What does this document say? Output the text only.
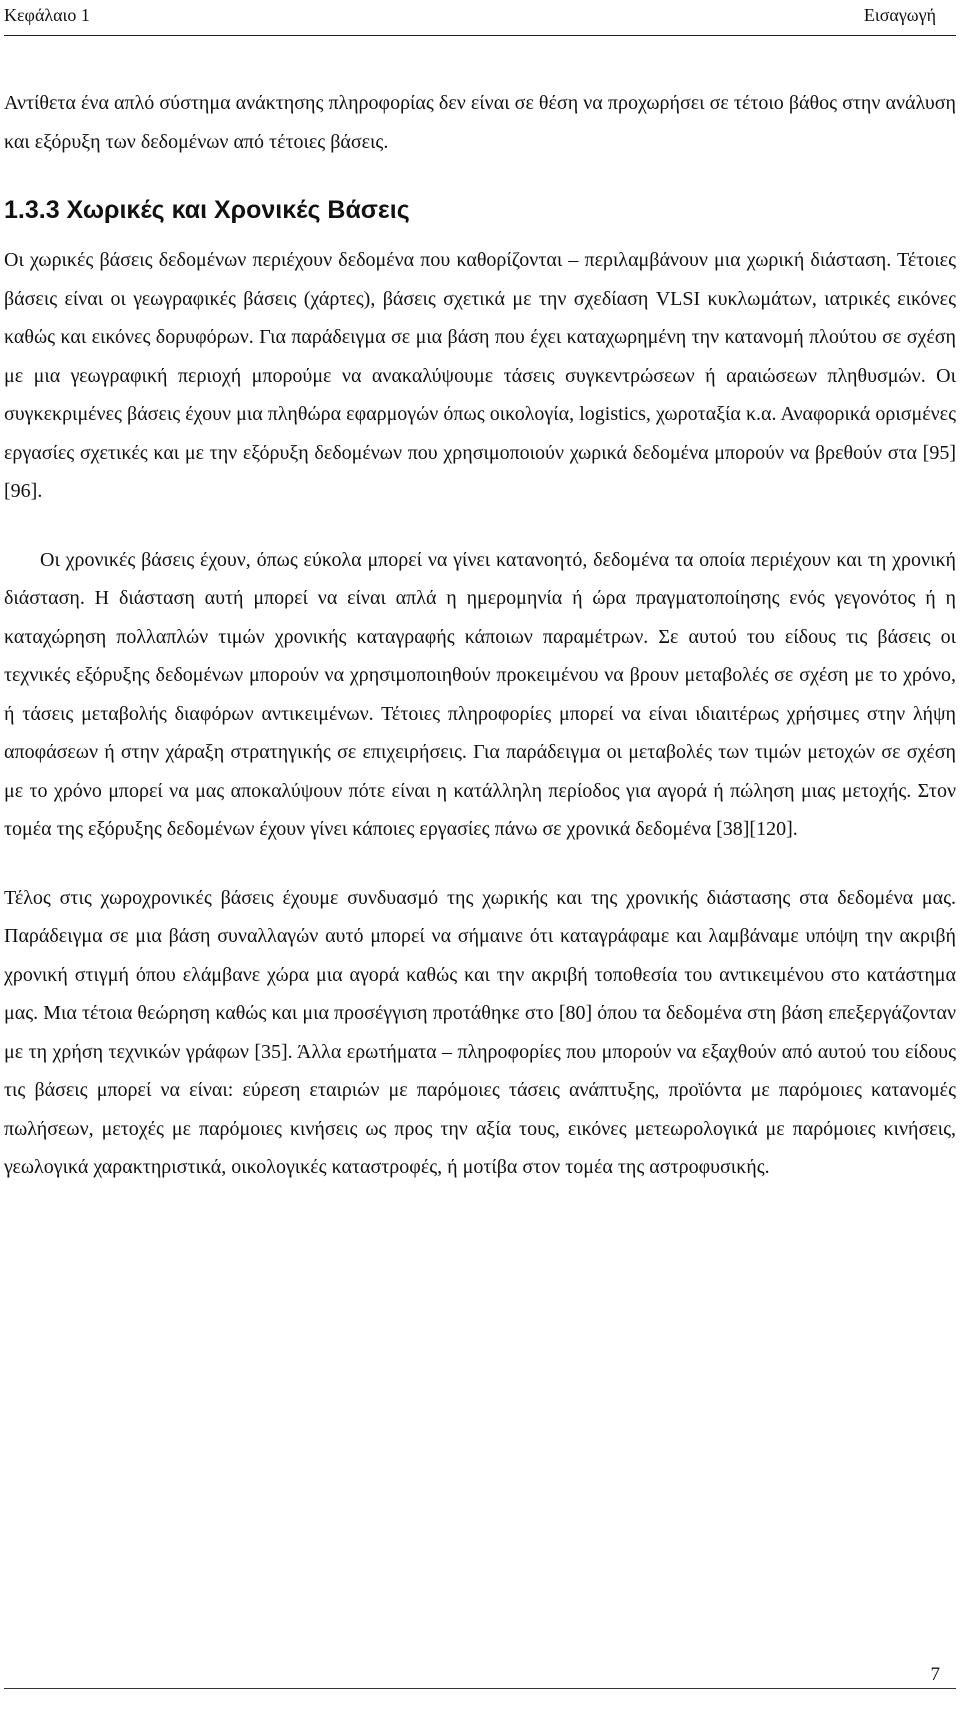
Κεφάλαιο 1	Εισαγωγή

Αντίθετα ένα απλό σύστημα ανάκτησης πληροφορίας δεν είναι σε θέση να προχωρήσει σε τέτοιο βάθος στην ανάλυση και εξόρυξη των δεδομένων από τέτοιες βάσεις.

1.3.3 Χωρικές και Χρονικές Βάσεις

Οι χωρικές βάσεις δεδομένων περιέχουν δεδομένα που καθορίζονται – περιλαμβάνουν μια χωρική διάσταση. Τέτοιες βάσεις είναι οι γεωγραφικές βάσεις (χάρτες), βάσεις σχετικά με την σχεδίαση VLSI κυκλωμάτων, ιατρικές εικόνες καθώς και εικόνες δορυφόρων. Για παράδειγμα σε μια βάση που έχει καταχωρημένη την κατανομή πλούτου σε σχέση με μια γεωγραφική περιοχή μπορούμε να ανακαλύψουμε τάσεις συγκεντρώσεων ή αραιώσεων πληθυσμών. Οι συγκεκριμένες βάσεις έχουν μια πληθώρα εφαρμογών όπως οικολογία, logistics, χωροταξία κ.α. Αναφορικά ορισμένες εργασίες σχετικές και με την εξόρυξη δεδομένων που χρησιμοποιούν χωρικά δεδομένα μπορούν να βρεθούν στα [95] [96].

Οι χρονικές βάσεις έχουν, όπως εύκολα μπορεί να γίνει κατανοητό, δεδομένα τα οποία περιέχουν και τη χρονική διάσταση. Η διάσταση αυτή μπορεί να είναι απλά η ημερομηνία ή ώρα πραγματοποίησης ενός γεγονότος ή η καταχώρηση πολλαπλών τιμών χρονικής καταγραφής κάποιων παραμέτρων. Σε αυτού του είδους τις βάσεις οι τεχνικές εξόρυξης δεδομένων μπορούν να χρησιμοποιηθούν προκειμένου να βρουν μεταβολές σε σχέση με το χρόνο, ή τάσεις μεταβολής διαφόρων αντικειμένων. Τέτοιες πληροφορίες μπορεί να είναι ιδιαιτέρως χρήσιμες στην λήψη αποφάσεων ή στην χάραξη στρατηγικής σε επιχειρήσεις. Για παράδειγμα οι μεταβολές των τιμών μετοχών σε σχέση με το χρόνο μπορεί να μας αποκαλύψουν πότε είναι η κατάλληλη περίοδος για αγορά ή πώληση μιας μετοχής. Στον τομέα της εξόρυξης δεδομένων έχουν γίνει κάποιες εργασίες πάνω σε χρονικά δεδομένα [38][120].

Τέλος στις χωροχρονικές βάσεις έχουμε συνδυασμό της χωρικής και της χρονικής διάστασης στα δεδομένα μας. Παράδειγμα σε μια βάση συναλλαγών αυτό μπορεί να σήμαινε ότι καταγράφαμε και λαμβάναμε υπόψη την ακριβή χρονική στιγμή όπου ελάμβανε χώρα μια αγορά καθώς και την ακριβή τοποθεσία του αντικειμένου στο κατάστημα μας. Μια τέτοια θεώρηση καθώς και μια προσέγγιση προτάθηκε στο [80] όπου τα δεδομένα στη βάση επεξεργάζονταν με τη χρήση τεχνικών γράφων [35]. Άλλα ερωτήματα – πληροφορίες που μπορούν να εξαχθούν από αυτού του είδους τις βάσεις μπορεί να είναι: εύρεση εταιριών με παρόμοιες τάσεις ανάπτυξης, προϊόντα με παρόμοιες κατανομές πωλήσεων, μετοχές με παρόμοιες κινήσεις ως προς την αξία τους, εικόνες μετεωρολογικά με παρόμοιες κινήσεις, γεωλογικά χαρακτηριστικά, οικολογικές καταστροφές, ή μοτίβα στον τομέα της αστροφυσικής.

7
